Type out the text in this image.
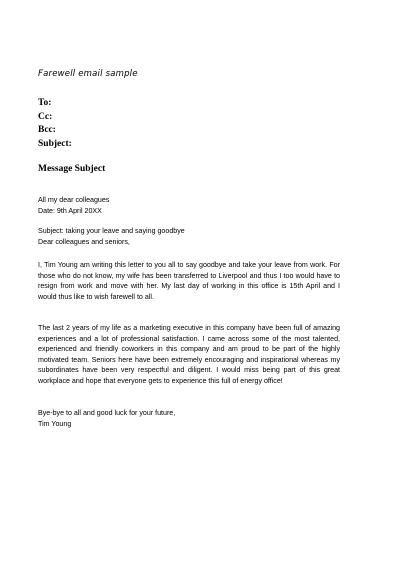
Farewell email sample
To:
Cc:
Bcc:
Subject:
Message Subject

All my dear colleagues

Date: 9th April 20XX

Subject: taking your leave and saying goodbye

Dear colleagues and seniors,

I, Tim Young am writing this letter to you all to say goodbye and take your leave from work. For those who do not know, my wife has been transferred to Liverpool and thus I too would have to resign from work and move with her. My last day of working in this office is 15th April and I would thus like to wish farewell to all.

The last 2 years of my life as a marketing executive in this company have been full of amazing experiences and a lot of professional satisfaction. I came across some of the most talented, experienced and friendly coworkers in this company and am proud to be part of the highly motivated team. Seniors here have been extremely encouraging and inspirational whereas my subordinates have been very respectful and diligent. I would miss being part of this great workplace and hope that everyone gets to experience this full of energy office!

Bye-bye to all and good luck for your future,

Tim Young
